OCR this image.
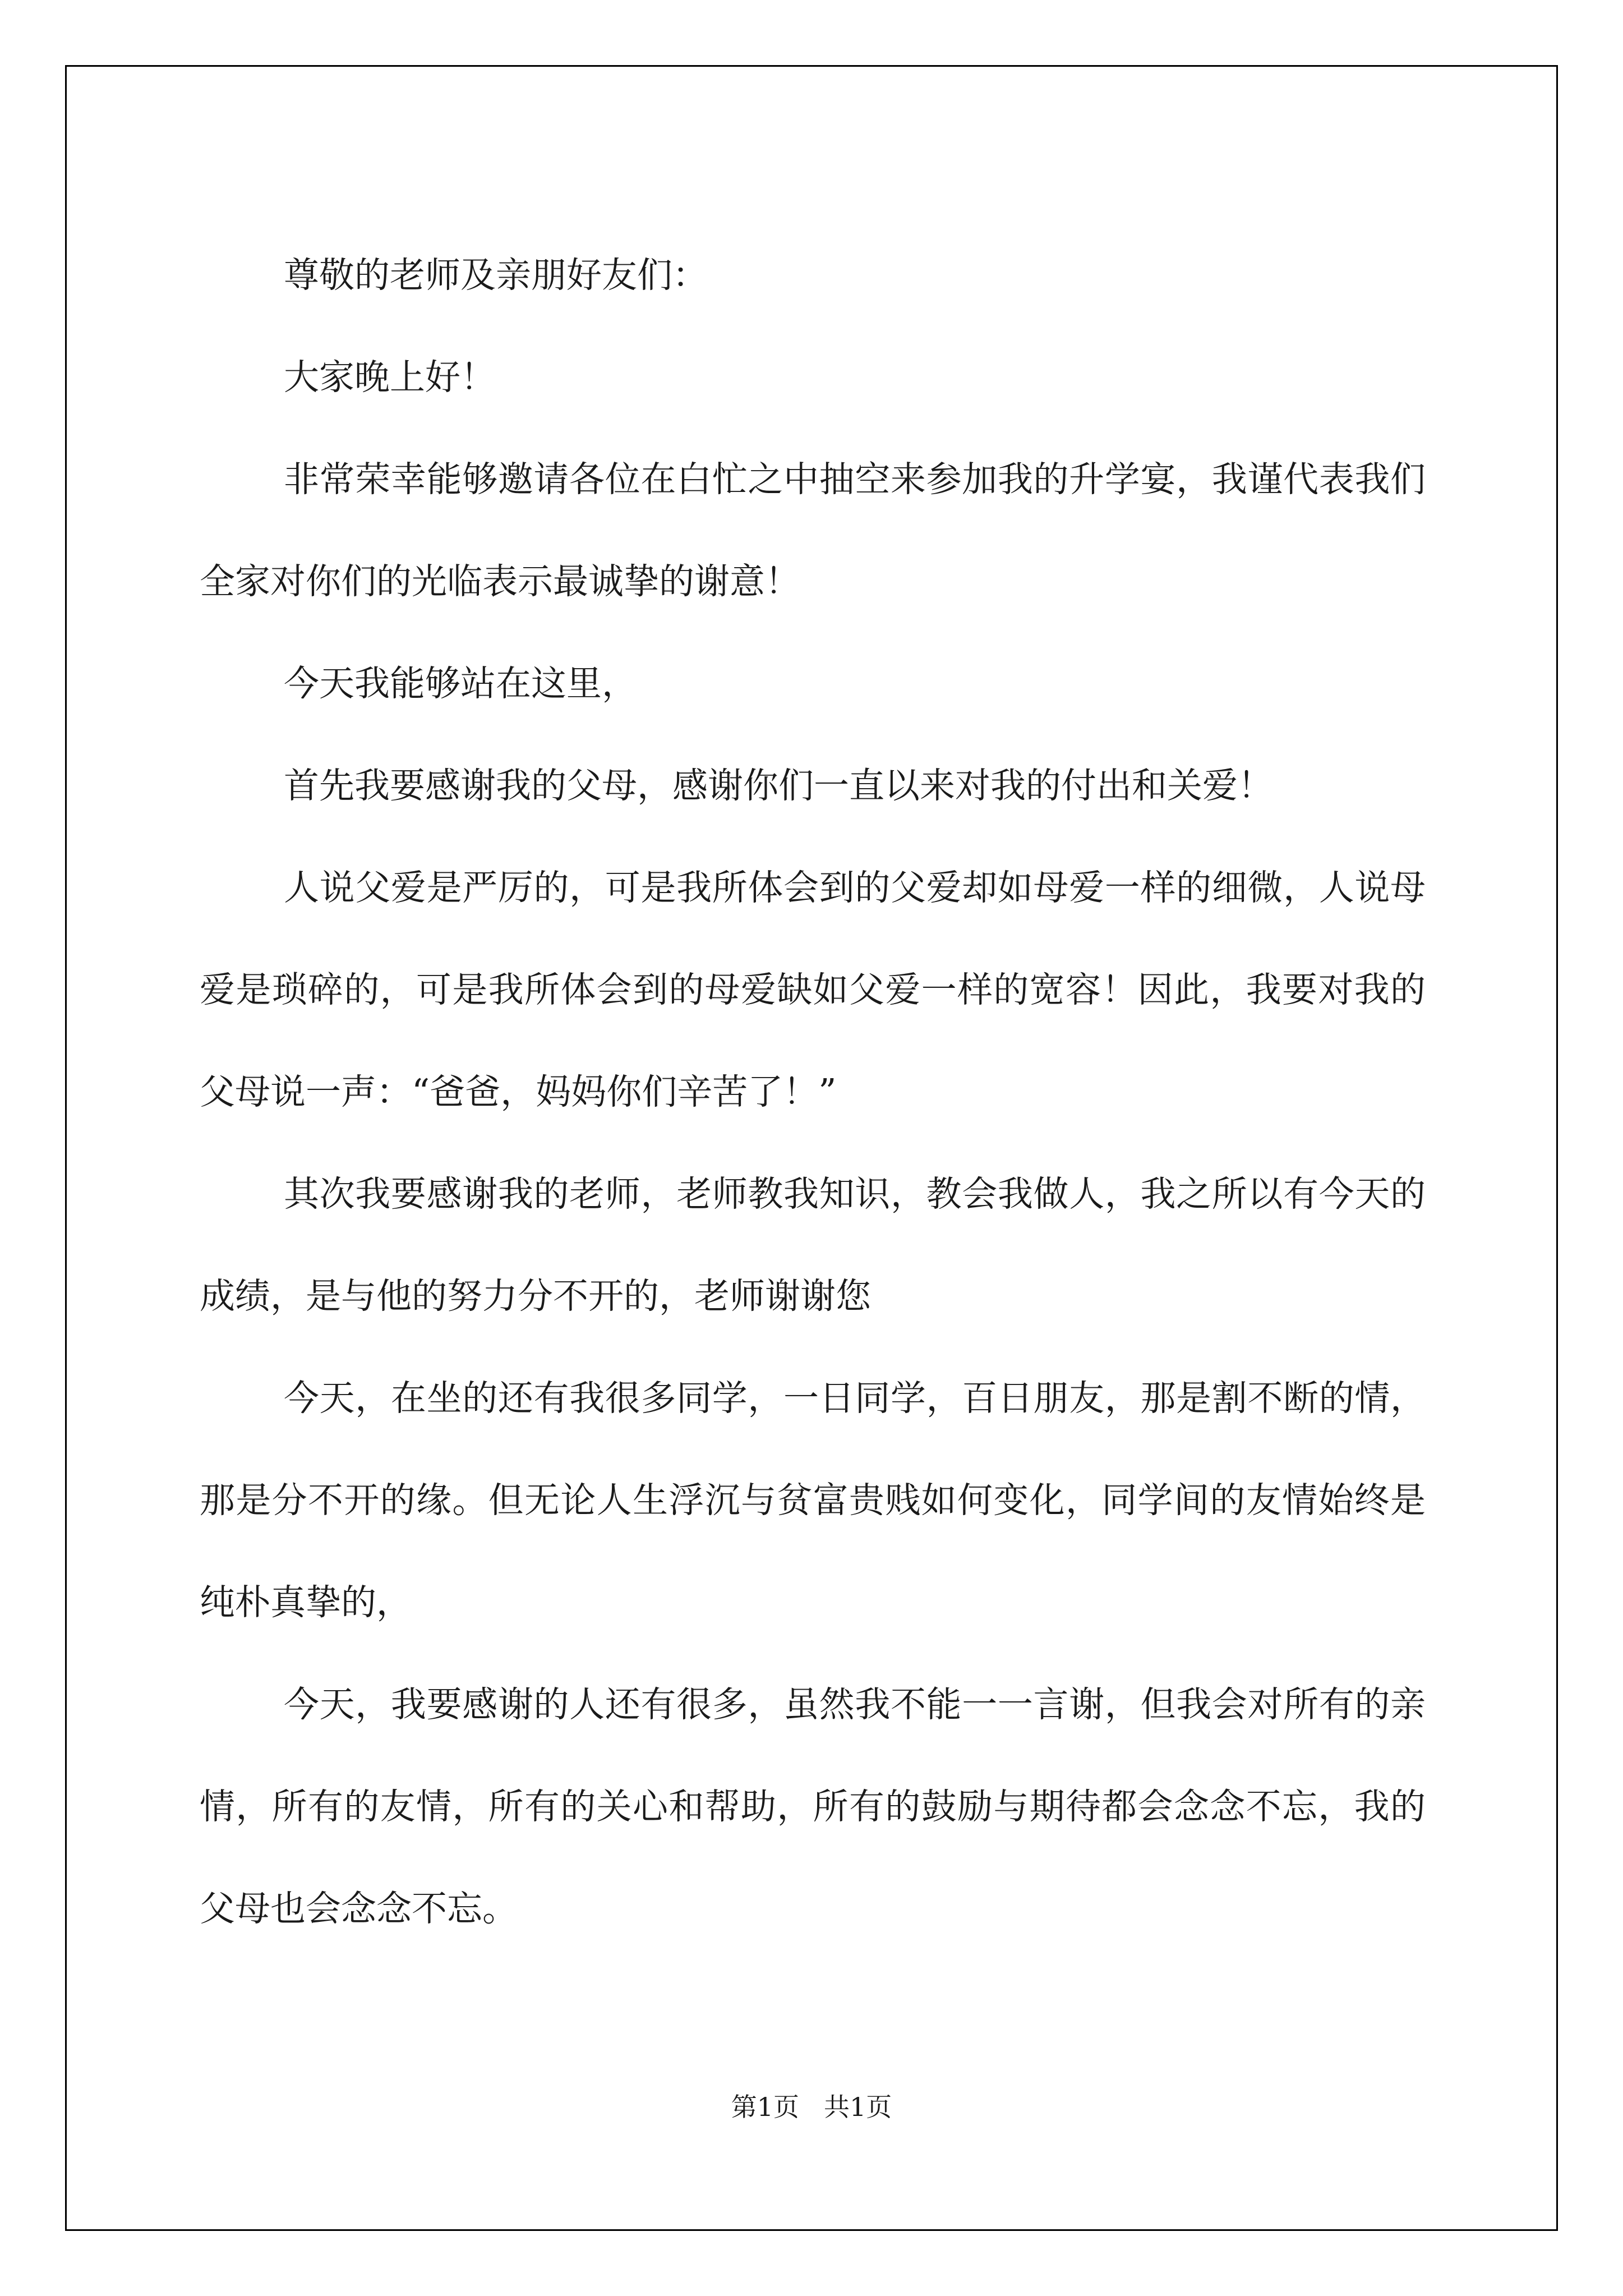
尊敬的老师及亲朋好友们：

大家晚上好！

非常荣幸能够邀请各位在白忙之中抽空来参加我的升学宴，我谨代表我们全家对你们的光临表示最诚挚的谢意！

今天我能够站在这里，

首先我要感谢我的父母，感谢你们一直以来对我的付出和关爱！

人说父爱是严厉的，可是我所体会到的父爱却如母爱一样的细微，人说母爱是琐碎的，可是我所体会到的母爱缺如父爱一样的宽容！因此，我要对我的父母说一声：“爸爸，妈妈你们辛苦了！”

其次我要感谢我的老师，老师教我知识，教会我做人，我之所以有今天的成绩，是与他的努力分不开的，老师谢谢您

今天，在坐的还有我很多同学，一日同学，百日朋友，那是割不断的情，那是分不开的缘。但无论人生浮沉与贫富贵贱如何变化，同学间的友情始终是纯朴真挚的，

今天，我要感谢的人还有很多，虽然我不能一一言谢，但我会对所有的亲情，所有的友情，所有的关心和帮助，所有的鼓励与期待都会念念不忘，我的父母也会念念不忘。

第1页 共1页
